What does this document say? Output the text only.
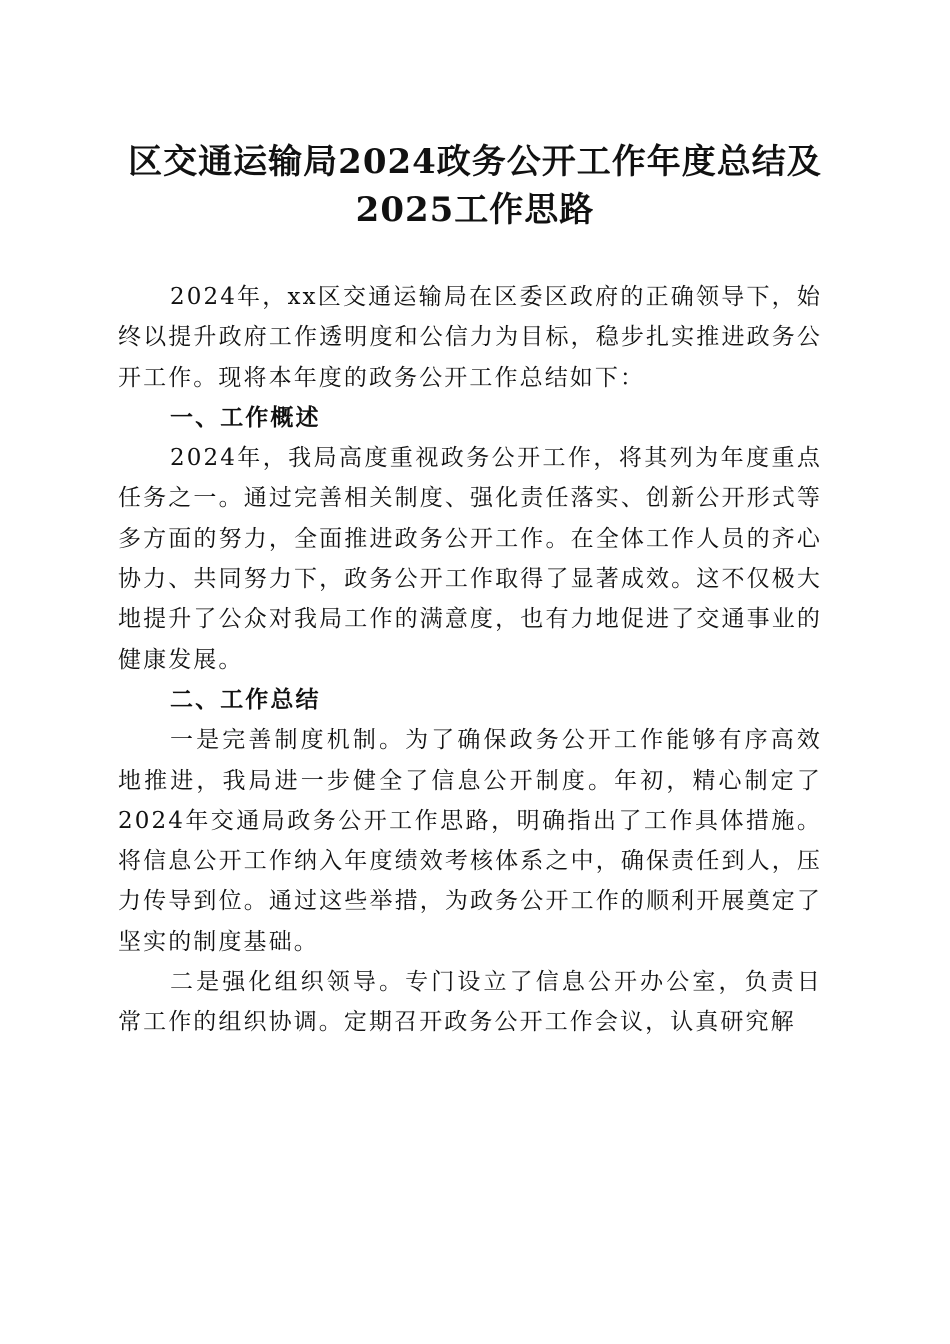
区交通运输局2024政务公开工作年度总结及
2025工作思路

2024年，xx区交通运输局在区委区政府的正确领导下，始终以提升政府工作透明度和公信力为目标，稳步扎实推进政务公开工作。现将本年度的政务公开工作总结如下：

一、工作概述

2024年，我局高度重视政务公开工作，将其列为年度重点任务之一。通过完善相关制度、强化责任落实、创新公开形式等多方面的努力，全面推进政务公开工作。在全体工作人员的齐心协力、共同努力下，政务公开工作取得了显著成效。这不仅极大地提升了公众对我局工作的满意度，也有力地促进了交通事业的健康发展。

二、工作总结

一是完善制度机制。为了确保政务公开工作能够有序高效地推进，我局进一步健全了信息公开制度。年初，精心制定了2024年交通局政务公开工作思路，明确指出了工作具体措施。将信息公开工作纳入年度绩效考核体系之中，确保责任到人，压力传导到位。通过这些举措，为政务公开工作的顺利开展奠定了坚实的制度基础。

二是强化组织领导。专门设立了信息公开办公室，负责日常工作的组织协调。定期召开政务公开工作会议，认真研究解
